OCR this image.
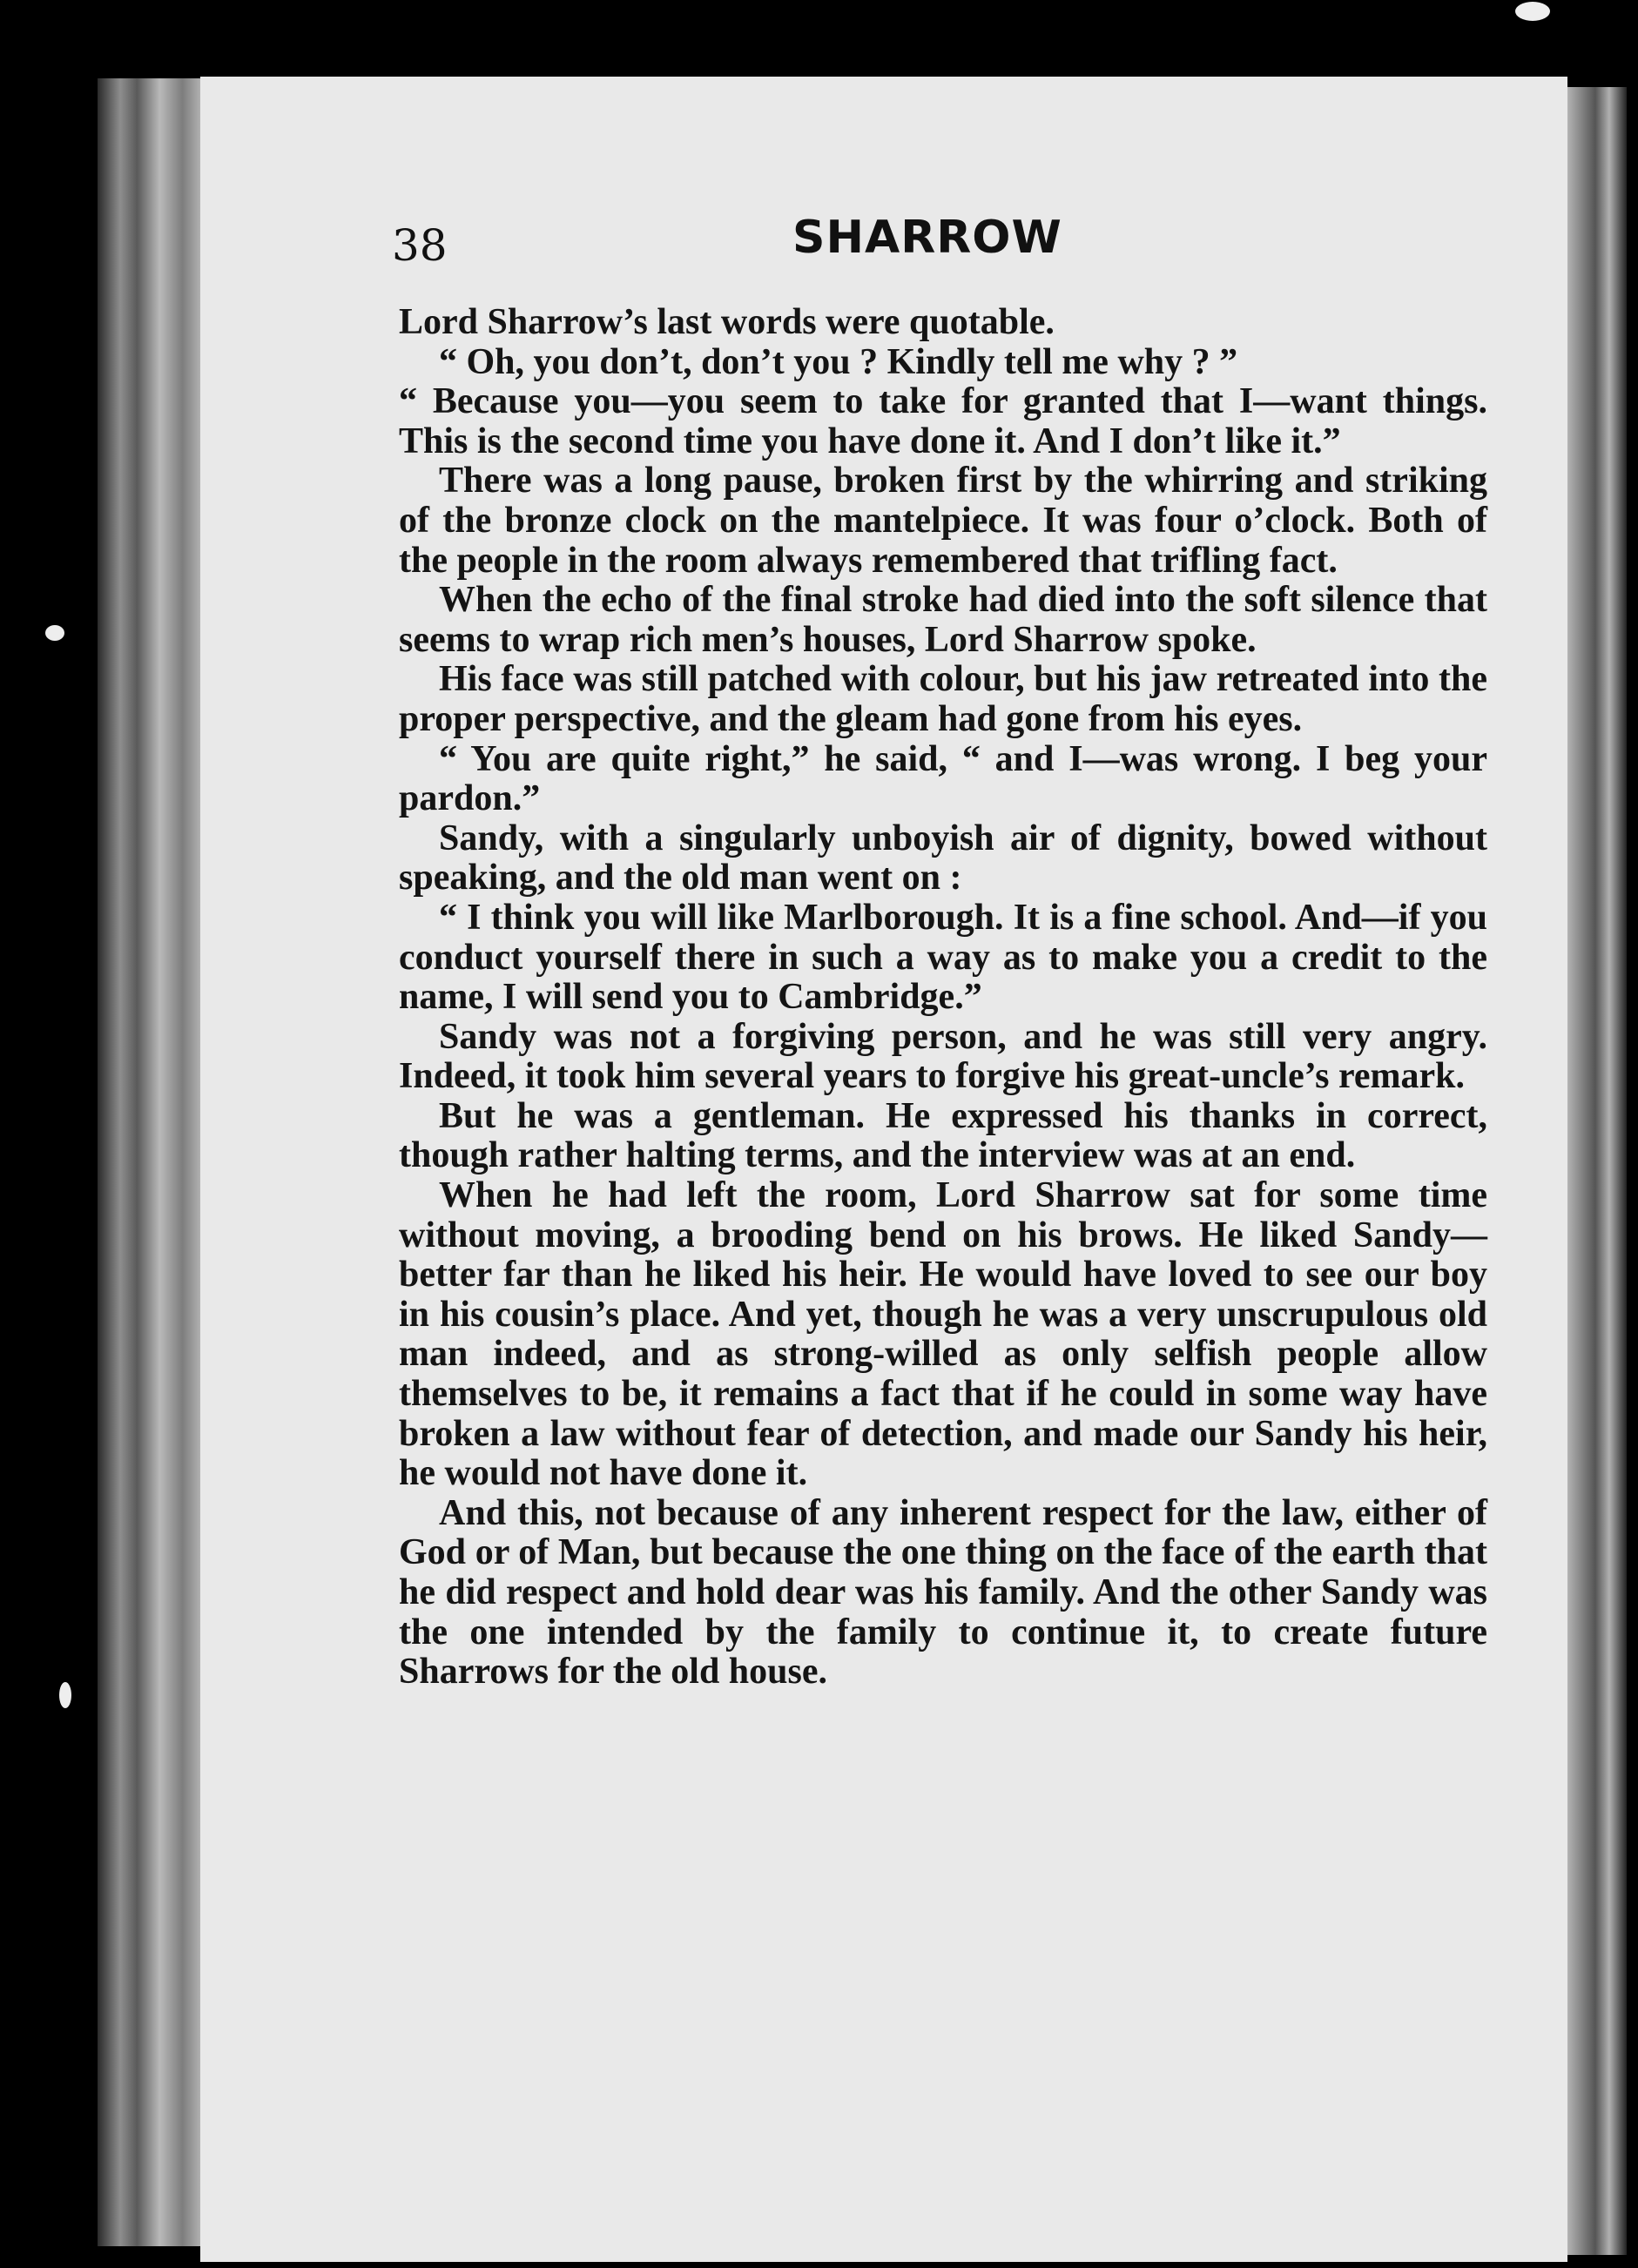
38	SHARROW

Lord Sharrow’s last words were quotable.

“ Oh, you don’t, don’t you ? Kindly tell me why ? ”

“ Because you—you seem to take for granted that I—want things. This is the second time you have done it. And I don’t like it.”

There was a long pause, broken first by the whirring and striking of the bronze clock on the mantelpiece. It was four o’clock. Both of the people in the room always remembered that trifling fact.

When the echo of the final stroke had died into the soft silence that seems to wrap rich men’s houses, Lord Sharrow spoke.

His face was still patched with colour, but his jaw retreated into the proper perspective, and the gleam had gone from his eyes.

“ You are quite right,” he said, “ and I—was wrong. I beg your pardon.”

Sandy, with a singularly unboyish air of dignity, bowed without speaking, and the old man went on :

“ I think you will like Marlborough. It is a fine school. And—if you conduct yourself there in such a way as to make you a credit to the name, I will send you to Cambridge.”

Sandy was not a forgiving person, and he was still very angry. Indeed, it took him several years to forgive his great-uncle’s remark.

But he was a gentleman. He expressed his thanks in correct, though rather halting terms, and the interview was at an end.

When he had left the room, Lord Sharrow sat for some time without moving, a brooding bend on his brows. He liked Sandy—better far than he liked his heir. He would have loved to see our boy in his cousin’s place. And yet, though he was a very unscrupulous old man indeed, and as strong-willed as only selfish people allow themselves to be, it remains a fact that if he could in some way have broken a law without fear of detection, and made our Sandy his heir, he would not have done it.

And this, not because of any inherent respect for the law, either of God or of Man, but because the one thing on the face of the earth that he did respect and hold dear was his family. And the other Sandy was the one intended by the family to continue it, to create future Sharrows for the old house.
